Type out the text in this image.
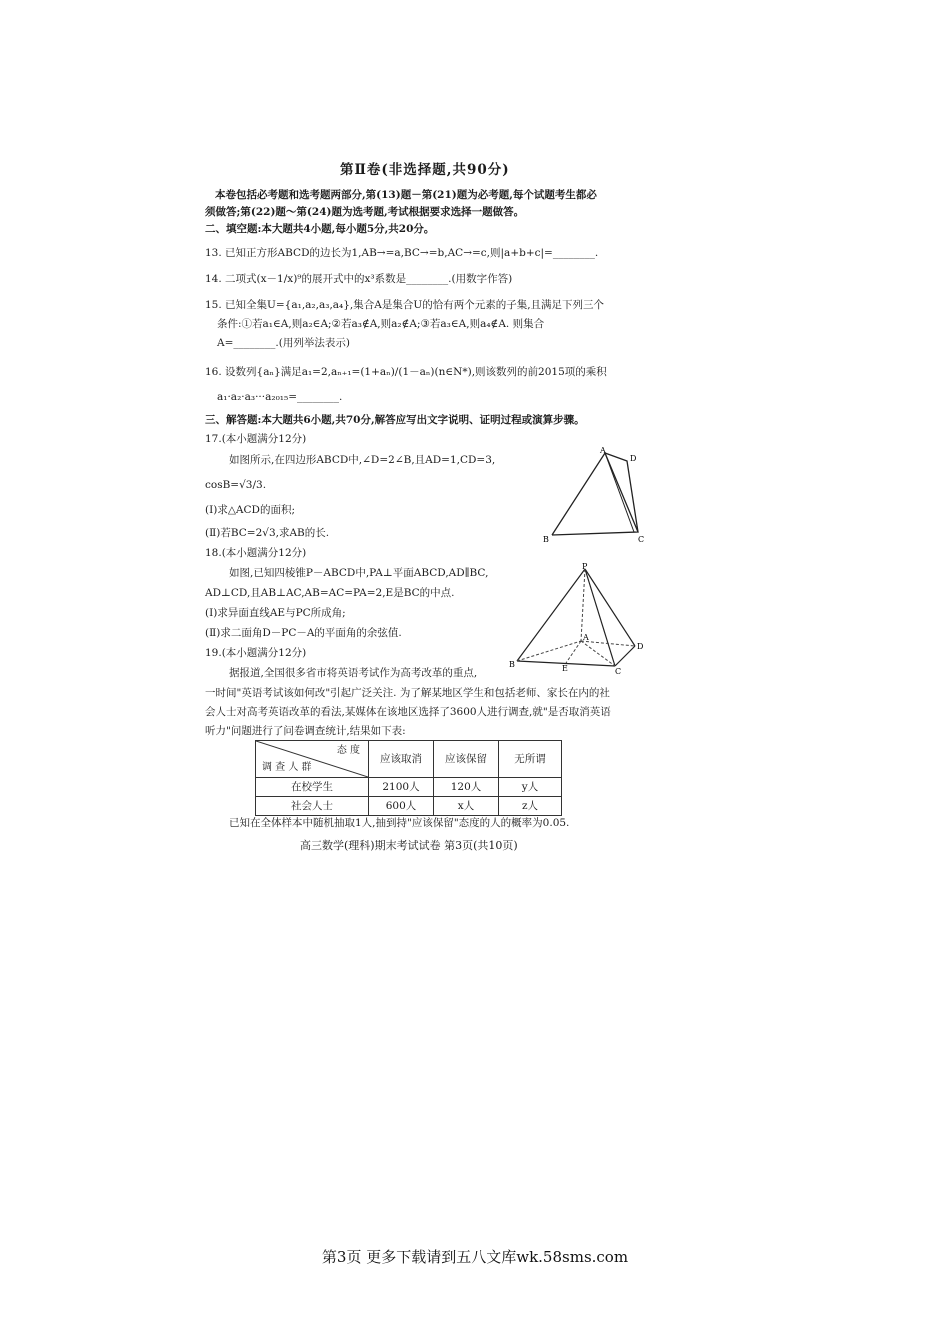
第Ⅱ卷(非选择题,共90分)
本卷包括必考题和选考题两部分,第(13)题－第(21)题为必考题,每个试题考生都必
须做答;第(22)题～第(24)题为选考题,考试根据要求选择一题做答。
二、填空题:本大题共4小题,每小题5分,共20分。
13. 已知正方形ABCD的边长为1,AB→=a,BC→=b,AC→=c,则|a+b+c|=________.
14. 二项式(x－1/x)⁹的展开式中的x³系数是________.(用数字作答)
15. 已知全集U={a₁,a₂,a₃,a₄},集合A是集合U的恰有两个元素的子集,且满足下列三个
条件:①若a₁∈A,则a₂∈A;②若a₃∉A,则a₂∉A;③若a₃∈A,则a₄∉A. 则集合
A=________.(用列举法表示)
16. 设数列{aₙ}满足a₁=2,aₙ₊₁=(1+aₙ)/(1－aₙ)(n∈N*),则该数列的前2015项的乘积
a₁·a₂·a₃···a₂₀₁₅=________.
三、解答题:本大题共6小题,共70分,解答应写出文字说明、证明过程或演算步骤。
17.(本小题满分12分)
如图所示,在四边形ABCD中,∠D=2∠B,且AD=1,CD=3,
cosB=√3/3.
(Ⅰ)求△ACD的面积;
(Ⅱ)若BC=2√3,求AB的长.
A
D
B	C
18.(本小题满分12分)
如图,已知四棱锥P－ABCD中,PA⊥平面ABCD,AD∥BC,
AD⊥CD,且AB⊥AC,AB=AC=PA=2,E是BC的中点.
(Ⅰ)求异面直线AE与PC所成角;
(Ⅱ)求二面角D－PC－A的平面角的余弦值.
P
A
B
C
D
E
19.(本小题满分12分)
据报道,全国很多省市将英语考试作为高考改革的重点,
一时间"英语考试该如何改"引起广泛关注. 为了解某地区学生和包括老师、家长在内的社
会人士对高考英语改革的看法,某媒体在该地区选择了3600人进行调查,就"是否取消英语
听力"问题进行了问卷调查统计,结果如下表:
态 度
调 查 人 群	应该取消	应该保留	无所谓
在校学生	2100人	120人	y人
社会人士	600人	x人	z人
已知在全体样本中随机抽取1人,抽到持"应该保留"态度的人的概率为0.05.
高三数学(理科)期末考试试卷 第3页(共10页)
第3页 更多下载请到五八文库wk.58sms.com
